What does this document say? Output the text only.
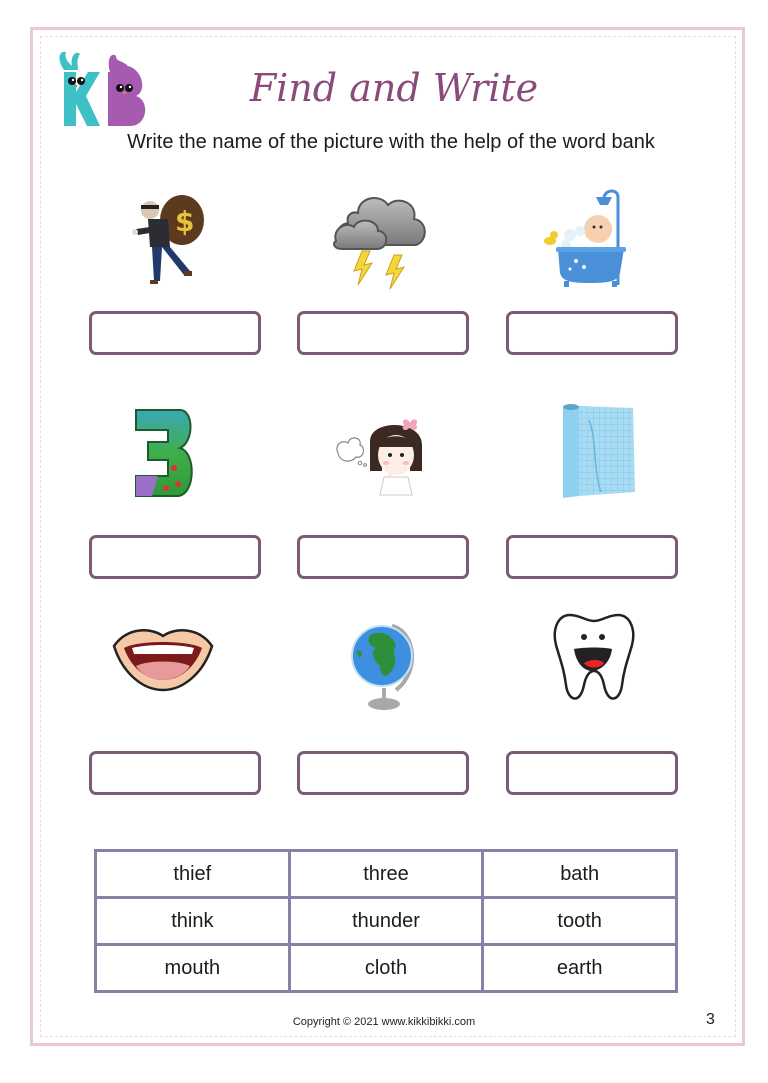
Find and Write
Write the name of the picture with the help of the word bank
$
thief	three	bath
think	thunder	tooth
mouth	cloth	earth
Copyright © 2021 www.kikkibikki.com	3
